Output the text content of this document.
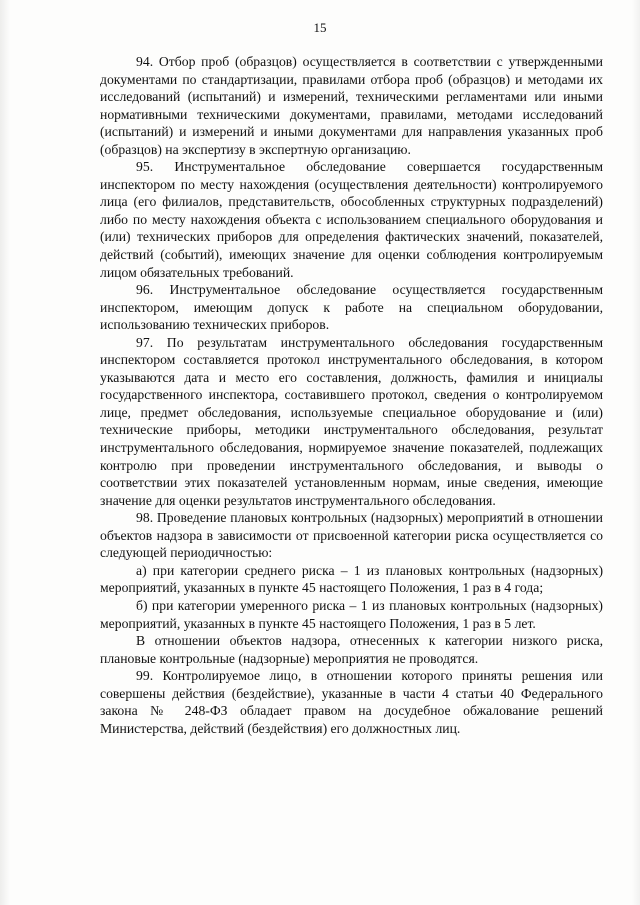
15

94. Отбор проб (образцов) осуществляется в соответствии с утвержденными документами по стандартизации, правилами отбора проб (образцов) и методами их исследований (испытаний) и измерений, техническими регламентами или иными нормативными техническими документами, правилами, методами исследований (испытаний) и измерений и иными документами для направления указанных проб (образцов) на экспертизу в экспертную организацию.

95. Инструментальное обследование совершается государственным инспектором по месту нахождения (осуществления деятельности) контролируемого лица (его филиалов, представительств, обособленных структурных подразделений) либо по месту нахождения объекта с использованием специального оборудования и (или) технических приборов для определения фактических значений, показателей, действий (событий), имеющих значение для оценки соблюдения контролируемым лицом обязательных требований.

96. Инструментальное обследование осуществляется государственным инспектором, имеющим допуск к работе на специальном оборудовании, использованию технических приборов.

97. По результатам инструментального обследования государственным инспектором составляется протокол инструментального обследования, в котором указываются дата и место его составления, должность, фамилия и инициалы государственного инспектора, составившего протокол, сведения о контролируемом лице, предмет обследования, используемые специальное оборудование и (или) технические приборы, методики инструментального обследования, результат инструментального обследования, нормируемое значение показателей, подлежащих контролю при проведении инструментального обследования, и выводы о соответствии этих показателей установленным нормам, иные сведения, имеющие значение для оценки результатов инструментального обследования.

98. Проведение плановых контрольных (надзорных) мероприятий в отношении объектов надзора в зависимости от присвоенной категории риска осуществляется со следующей периодичностью:

а) при категории среднего риска – 1 из плановых контрольных (надзорных) мероприятий, указанных в пункте 45 настоящего Положения, 1 раз в 4 года;

б) при категории умеренного риска – 1 из плановых контрольных (надзорных) мероприятий, указанных в пункте 45 настоящего Положения, 1 раз в 5 лет.

В отношении объектов надзора, отнесенных к категории низкого риска, плановые контрольные (надзорные) мероприятия не проводятся.

99. Контролируемое лицо, в отношении которого приняты решения или совершены действия (бездействие), указанные в части 4 статьи 40 Федерального закона № 248-ФЗ обладает правом на досудебное обжалование решений Министерства, действий (бездействия) его должностных лиц.
